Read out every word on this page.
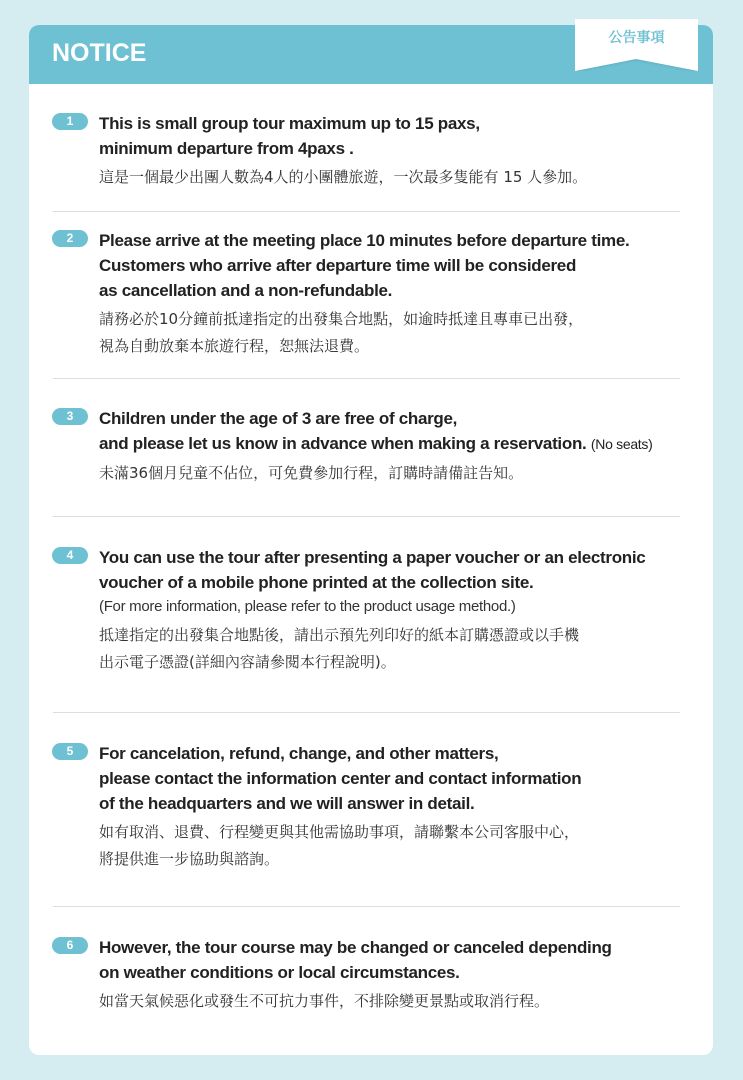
NOTICE
公告事項
1	This is small group tour maximum up to 15 paxs,
minimum departure from 4paxs .
這是一個最少出團人數為4人的小團體旅遊，一次最多隻能有 15 人參加。
2	Please arrive at the meeting place 10 minutes before departure time.
Customers who arrive after departure time will be considered
as cancellation and a non-refundable.
請務必於10分鐘前抵達指定的出發集合地點，如逾時抵達且專車已出發，
視為自動放棄本旅遊行程，恕無法退費。
3	Children under the age of 3 are free of charge,
and please let us know in advance when making a reservation. (No seats)
未滿36個月兒童不佔位，可免費參加行程，訂購時請備註告知。
4	You can use the tour after presenting a paper voucher or an electronic
voucher of a mobile phone printed at the collection site.
(For more information, please refer to the product usage method.)
抵達指定的出發集合地點後，請出示預先列印好的紙本訂購憑證或以手機
出示電子憑證(詳細內容請參閱本行程說明)。
5	For cancelation, refund, change, and other matters,
please contact the information center and contact information
of the headquarters and we will answer in detail.
如有取消、退費、行程變更與其他需協助事項，請聯繫本公司客服中心，
將提供進一步協助與諮詢。
6	However, the tour course may be changed or canceled depending
on weather conditions or local circumstances.
如當天氣候惡化或發生不可抗力事件，不排除變更景點或取消行程。
